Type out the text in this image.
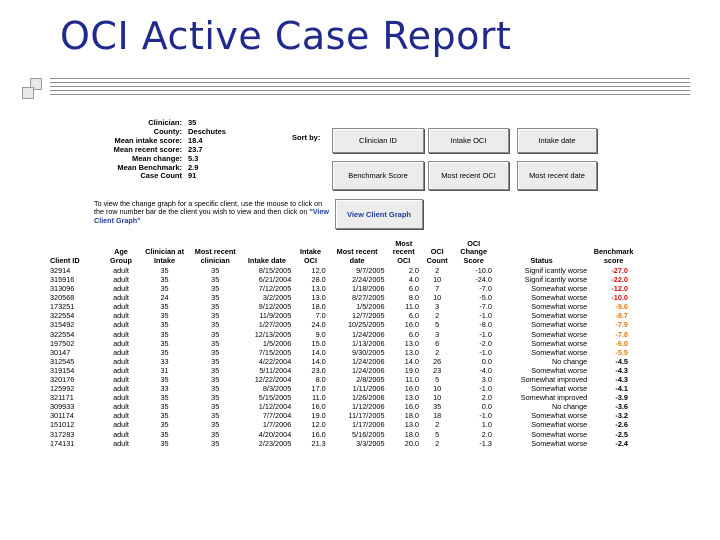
OCI Active Case Report
Clinician: 35
County: Deschutes
Mean intake score: 18.4
Mean recent score: 23.7
Mean change: 5.3
Mean Benchmark: 2.9
Case Count 91
Sort by:	Clinician ID	Intake OCI	Intake date
Benchmark Score	Most recent OCI	Most recent date
To view the change graph for a specific client, use the mouse to click on the row number bar de the client you wish to view and then click on "View Client Graph"
View Client Graph
Client ID	Age Group	Clinician at Intake	Most recent clinician	Intake date	Intake OCI	Most recent date	Most recent OCI	OCI Count	OCI Change Score	Status	Benchmark score
32914	adult	35	35	8/15/2005	12.0	9/7/2005	2.0	2	-10.0	Signif icantly worse	-27.0
315916	adult	35	35	6/21/2004	28.0	2/24/2005	4.0	10	-24.0	Signif icantly worse	-22.0
313096	adult	35	35	7/12/2005	13.0	1/18/2006	6.0	7	-7.0	Somewhat worse	-12.0
320568	adult	24	35	3/2/2005	13.0	8/27/2005	8.0	10	-5.0	Somewhat worse	-10.0
173251	adult	35	35	9/12/2005	18.0	1/5/2006	11.0	3	-7.0	Somewhat worse	-9.6
322554	adult	35	35	11/9/2005	7.0	12/7/2005	6.0	2	-1.0	Somewhat worse	-8.7
315492	adult	35	35	1/27/2005	24.0	10/25/2005	16.0	5	-8.0	Somewhat worse	-7.9
322554	adult	35	35	12/13/2005	9.0	1/24/2006	6.0	3	-1.0	Somewhat worse	-7.8
197502	adult	35	35	1/5/2006	15.0	1/13/2006	13.0	6	-2.0	Somewhat worse	-6.0
30147	adult	35	35	7/15/2005	14.0	9/30/2005	13.0	2	-1.0	Somewhat worse	-5.5
312545	adult	33	35	4/22/2004	14.0	1/24/2006	14.0	26	0.0	No change	-4.5
319154	adult	31	35	5/11/2004	23.0	1/24/2006	19.0	23	-4.0	Somewhat worse	-4.3
320176	adult	35	35	12/22/2004	8.0	2/8/2005	11.0	5	3.0	Somewhat improved	-4.3
125992	adult	33	35	8/3/2005	17.0	1/11/2006	16.0	10	-1.0	Somewhat worse	-4.1
321171	adult	35	35	5/15/2005	11.0	1/26/2006	13.0	10	2.0	Somewhat improved	-3.9
309933	adult	35	35	1/12/2004	16.0	1/12/2006	16.0	35	0.0	No change	-3.6
301174	adult	35	35	7/7/2004	19.0	11/17/2005	18.0	18	-1.0	Somewhat worse	-3.2
151012	adult	35	35	1/7/2006	12.0	1/17/2006	13.0	2	1.0	Somewhat worse	-2.6
317283	adult	35	35	4/20/2004	16.0	5/16/2005	18.0	5	2.0	Somewhat worse	-2.5
174131	adult	35	35	2/23/2005	21.3	3/3/2005	20.0	2	-1.3	Somewhat worse	-2.4
